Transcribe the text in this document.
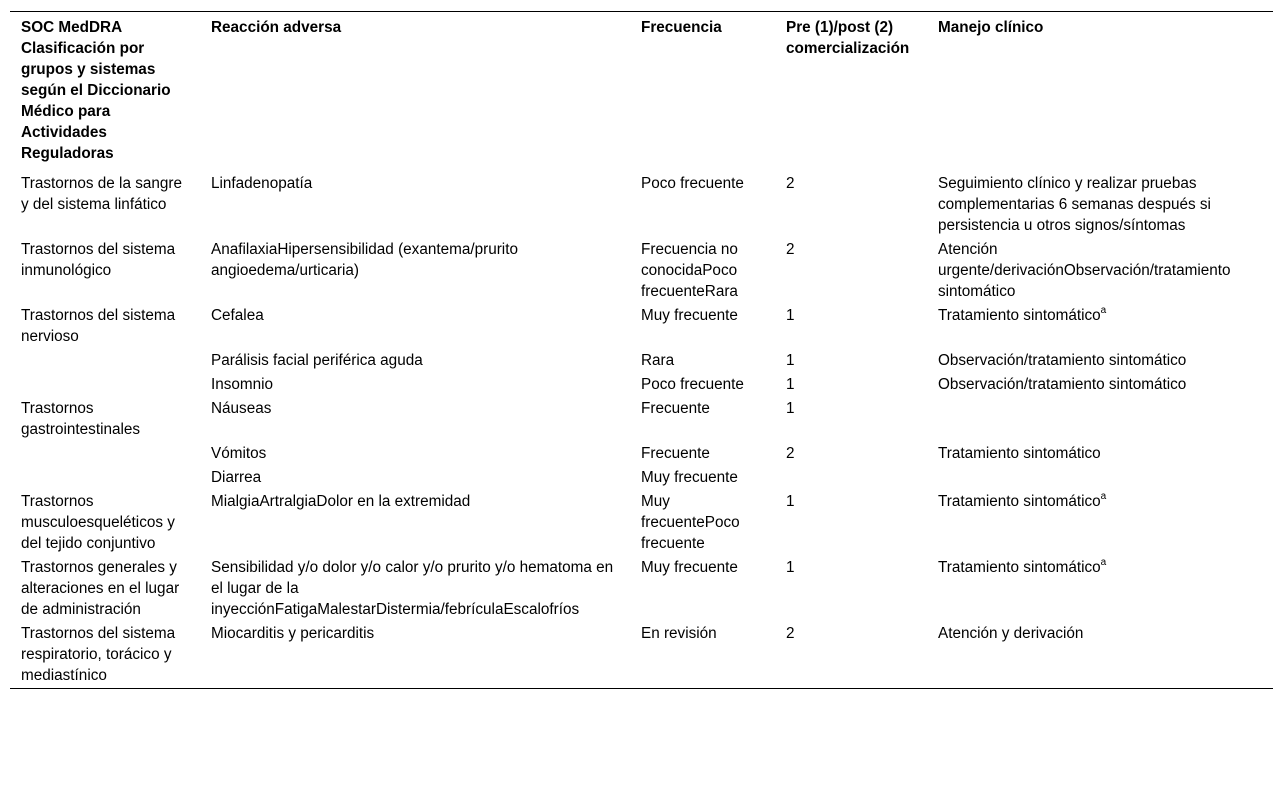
SOC MedDRA Clasificación por grupos y sistemas según el Diccionario Médico para Actividades Reguladoras	Reacción adversa	Frecuencia	Pre (1)/post (2) comercialización	Manejo clínico
Trastornos de la sangre y del sistema linfático	Linfadenopatía	Poco frecuente	2	Seguimiento clínico y realizar pruebas complementarias 6 semanas después si persistencia u otros signos/síntomas
Trastornos del sistema inmunológico	AnafilaxiaHipersensibilidad (exantema/prurito angioedema/urticaria)	Frecuencia no conocidaPoco frecuenteRara	2	Atención urgente/derivaciónObservación/tratamiento sintomático
Trastornos del sistema nervioso	Cefalea	Muy frecuente	1	Tratamiento sintomático$^a$
	Parálisis facial periférica aguda	Rara	1	Observación/tratamiento sintomático
	Insomnio	Poco frecuente	1	Observación/tratamiento sintomático
Trastornos gastrointestinales	Náuseas	Frecuente	1	
	Vómitos	Frecuente	2	Tratamiento sintomático
	Diarrea	Muy frecuente		
Trastornos musculoesqueléticos y del tejido conjuntivo	MialgiaArtralgiaDolor en la extremidad	Muy frecuentePoco frecuente	1	Tratamiento sintomático$^a$
Trastornos generales y alteraciones en el lugar de administración	Sensibilidad y/o dolor y/o calor y/o prurito y/o hematoma en el lugar de la inyecciónFatigaMalestarDistermia/febrículaEscalofríos	Muy frecuente	1	Tratamiento sintomático$^a$
Trastornos del sistema respiratorio, torácico y mediastínico	Miocarditis y pericarditis	En revisión	2	Atención y derivación
